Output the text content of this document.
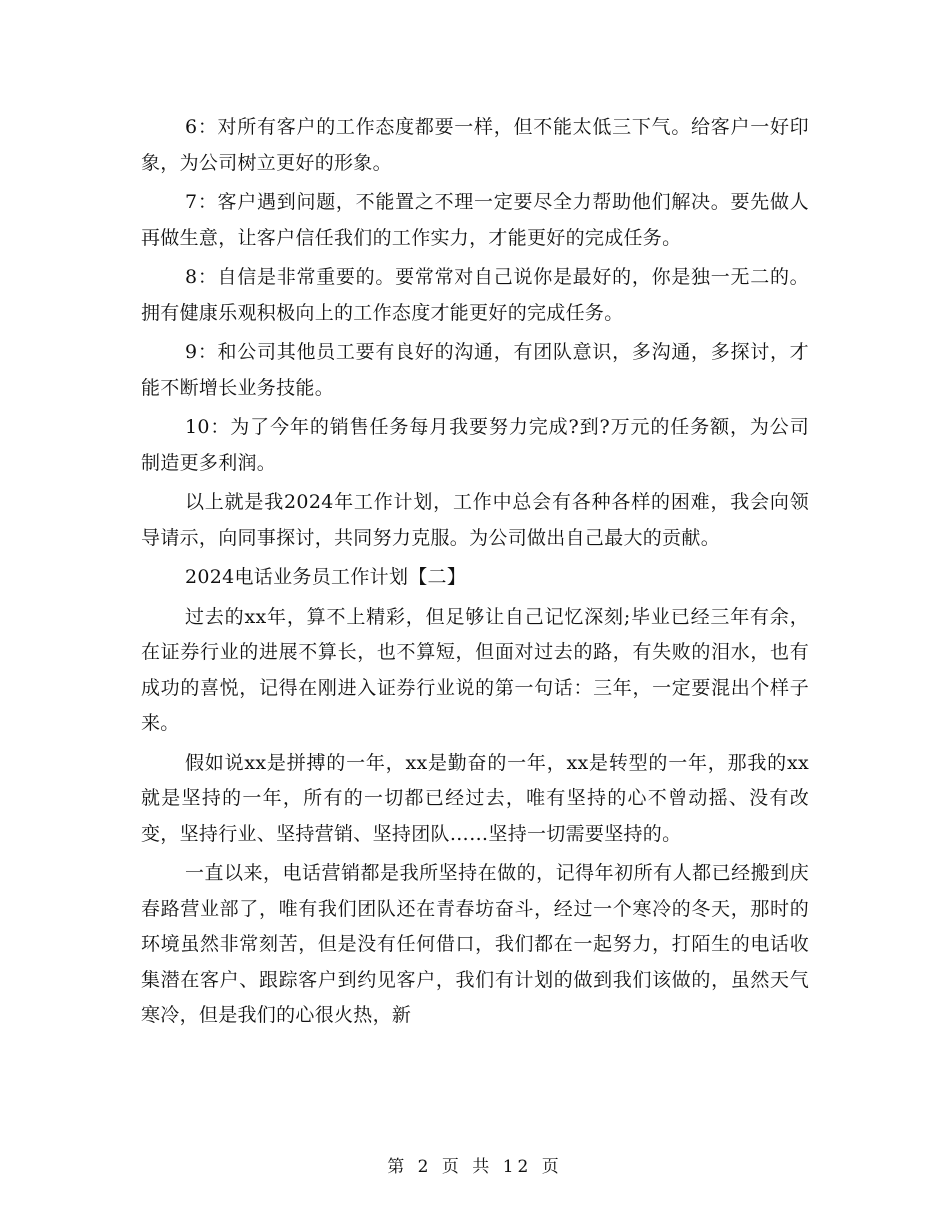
6：对所有客户的工作态度都要一样，但不能太低三下气。给客户一好印象，为公司树立更好的形象。

7：客户遇到问题，不能置之不理一定要尽全力帮助他们解决。要先做人再做生意，让客户信任我们的工作实力，才能更好的完成任务。

8：自信是非常重要的。要常常对自己说你是最好的，你是独一无二的。拥有健康乐观积极向上的工作态度才能更好的完成任务。

9：和公司其他员工要有良好的沟通，有团队意识，多沟通，多探讨，才能不断增长业务技能。

10：为了今年的销售任务每月我要努力完成?到?万元的任务额，为公司制造更多利润。

以上就是我2024年工作计划，工作中总会有各种各样的困难，我会向领导请示，向同事探讨，共同努力克服。为公司做出自己最大的贡献。

2024电话业务员工作计划【二】

过去的xx年，算不上精彩，但足够让自己记忆深刻;毕业已经三年有余，在证券行业的进展不算长，也不算短，但面对过去的路，有失败的泪水，也有成功的喜悦，记得在刚进入证券行业说的第一句话：三年，一定要混出个样子来。

假如说xx是拼搏的一年，xx是勤奋的一年，xx是转型的一年，那我的xx就是坚持的一年，所有的一切都已经过去，唯有坚持的心不曾动摇、没有改变，坚持行业、坚持营销、坚持团队……坚持一切需要坚持的。

一直以来，电话营销都是我所坚持在做的，记得年初所有人都已经搬到庆春路营业部了，唯有我们团队还在青春坊奋斗，经过一个寒冷的冬天，那时的环境虽然非常刻苦，但是没有任何借口，我们都在一起努力，打陌生的电话收集潜在客户、跟踪客户到约见客户，我们有计划的做到我们该做的，虽然天气寒冷，但是我们的心很火热，新

第 2 页 共 12 页
